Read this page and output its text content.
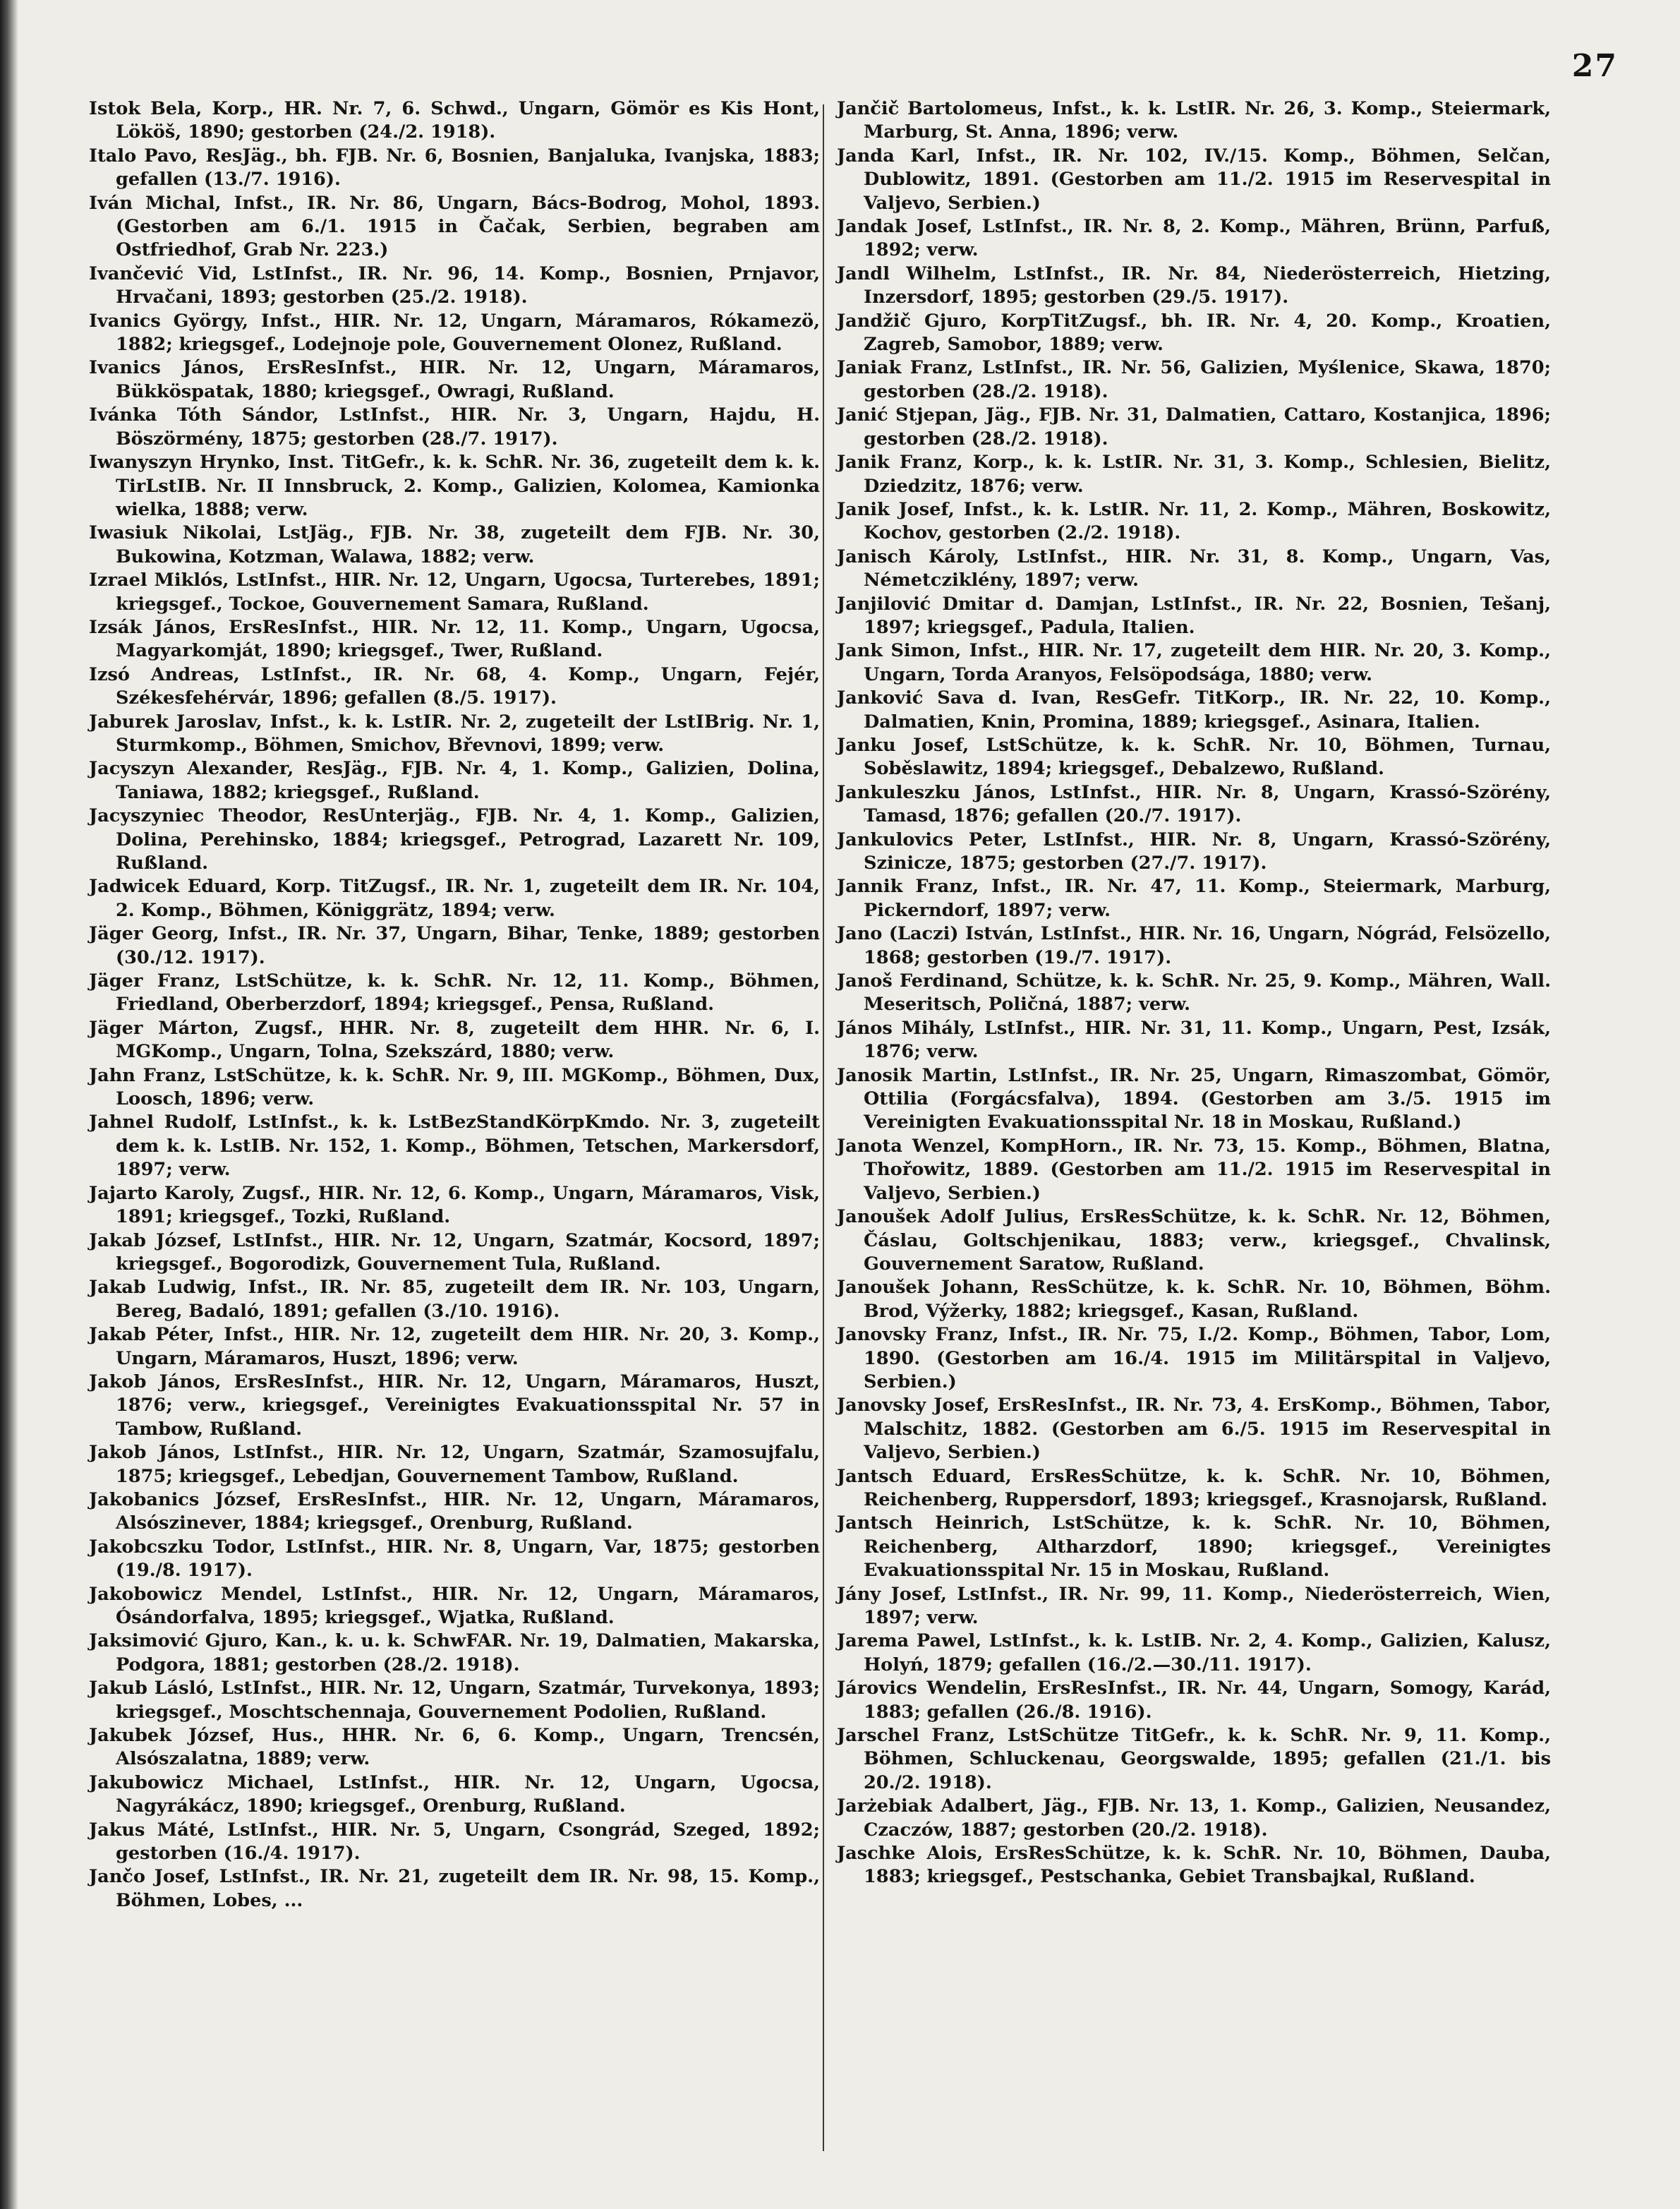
27

Istok Bela, Korp., HR. Nr. 7, 6. Schwd., Ungarn, Gömör es Kis Hont, Lököš, 1890; gestorben (24./2. 1918).

Italo Pavo, ResJäg., bh. FJB. Nr. 6, Bosnien, Banjaluka, Ivanjska, 1883; gefallen (13./7. 1916).

Iván Michal, Infst., IR. Nr. 86, Ungarn, Bács-Bodrog, Mohol, 1893. (Gestorben am 6./1. 1915 in Čačak, Serbien, begraben am Ostfriedhof, Grab Nr. 223.)

Ivančević Vid, LstInfst., IR. Nr. 96, 14. Komp., Bosnien, Prnjavor, Hrvačani, 1893; gestorben (25./2. 1918).

Ivanics György, Infst., HIR. Nr. 12, Ungarn, Máramaros, Rókamezö, 1882; kriegsgef., Lodejnoje pole, Gouvernement Olonez, Rußland.

Ivanics János, ErsResInfst., HIR. Nr. 12, Ungarn, Máramaros, Bükköspatak, 1880; kriegsgef., Owragi, Rußland.

Ivánka Tóth Sándor, LstInfst., HIR. Nr. 3, Ungarn, Hajdu, H. Böszörmény, 1875; gestorben (28./7. 1917).

Iwanyszyn Hrynko, Inst. TitGefr., k. k. SchR. Nr. 36, zugeteilt dem k. k. TirLstIB. Nr. II Innsbruck, 2. Komp., Galizien, Kolomea, Kamionka wielka, 1888; verw.

Iwasiuk Nikolai, LstJäg., FJB. Nr. 38, zugeteilt dem FJB. Nr. 30, Bukowina, Kotzman, Walawa, 1882; verw.

Izrael Miklós, LstInfst., HIR. Nr. 12, Ungarn, Ugocsa, Turterebes, 1891; kriegsgef., Tockoe, Gouvernement Samara, Rußland.

Izsák János, ErsResInfst., HIR. Nr. 12, 11. Komp., Ungarn, Ugocsa, Magyarkomját, 1890; kriegsgef., Twer, Rußland.

Izsó Andreas, LstInfst., IR. Nr. 68, 4. Komp., Ungarn, Fejér, Székesfehérvár, 1896; gefallen (8./5. 1917).

Jaburek Jaroslav, Infst., k. k. LstIR. Nr. 2, zugeteilt der LstIBrig. Nr. 1, Sturmkomp., Böhmen, Smichov, Břevnovi, 1899; verw.

Jacyszyn Alexander, ResJäg., FJB. Nr. 4, 1. Komp., Galizien, Dolina, Taniawa, 1882; kriegsgef., Rußland.

Jacyszyniec Theodor, ResUnterjäg., FJB. Nr. 4, 1. Komp., Galizien, Dolina, Perehinsko, 1884; kriegsgef., Petrograd, Lazarett Nr. 109, Rußland.

Jadwicek Eduard, Korp. TitZugsf., IR. Nr. 1, zugeteilt dem IR. Nr. 104, 2. Komp., Böhmen, Königgrätz, 1894; verw.

Jäger Georg, Infst., IR. Nr. 37, Ungarn, Bihar, Tenke, 1889; gestorben (30./12. 1917).

Jäger Franz, LstSchütze, k. k. SchR. Nr. 12, 11. Komp., Böhmen, Friedland, Oberberzdorf, 1894; kriegsgef., Pensa, Rußland.

Jäger Márton, Zugsf., HHR. Nr. 8, zugeteilt dem HHR. Nr. 6, I. MGKomp., Ungarn, Tolna, Szekszárd, 1880; verw.

Jahn Franz, LstSchütze, k. k. SchR. Nr. 9, III. MGKomp., Böhmen, Dux, Loosch, 1896; verw.

Jahnel Rudolf, LstInfst., k. k. LstBezStandKörpKmdo. Nr. 3, zugeteilt dem k. k. LstIB. Nr. 152, 1. Komp., Böhmen, Tetschen, Markersdorf, 1897; verw.

Jajarto Karoly, Zugsf., HIR. Nr. 12, 6. Komp., Ungarn, Máramaros, Visk, 1891; kriegsgef., Tozki, Rußland.

Jakab József, LstInfst., HIR. Nr. 12, Ungarn, Szatmár, Kocsord, 1897; kriegsgef., Bogorodizk, Gouvernement Tula, Rußland.

Jakab Ludwig, Infst., IR. Nr. 85, zugeteilt dem IR. Nr. 103, Ungarn, Bereg, Badaló, 1891; gefallen (3./10. 1916).

Jakab Péter, Infst., HIR. Nr. 12, zugeteilt dem HIR. Nr. 20, 3. Komp., Ungarn, Máramaros, Huszt, 1896; verw.

Jakob János, ErsResInfst., HIR. Nr. 12, Ungarn, Máramaros, Huszt, 1876; verw., kriegsgef., Vereinigtes Evakuationsspital Nr. 57 in Tambow, Rußland.

Jakob János, LstInfst., HIR. Nr. 12, Ungarn, Szatmár, Szamosujfalu, 1875; kriegsgef., Lebedjan, Gouvernement Tambow, Rußland.

Jakobanics József, ErsResInfst., HIR. Nr. 12, Ungarn, Máramaros, Alsószinever, 1884; kriegsgef., Orenburg, Rußland.

Jakobcszku Todor, LstInfst., HIR. Nr. 8, Ungarn, Var, 1875; gestorben (19./8. 1917).

Jakobowicz Mendel, LstInfst., HIR. Nr. 12, Ungarn, Máramaros, Ósándorfalva, 1895; kriegsgef., Wjatka, Rußland.

Jaksimović Gjuro, Kan., k. u. k. SchwFAR. Nr. 19, Dalmatien, Makarska, Podgora, 1881; gestorben (28./2. 1918).

Jakub Lásló, LstInfst., HIR. Nr. 12, Ungarn, Szatmár, Turvekonya, 1893; kriegsgef., Moschtschennaja, Gouvernement Podolien, Rußland.

Jakubek József, Hus., HHR. Nr. 6, 6. Komp., Ungarn, Trencsén, Alsószalatna, 1889; verw.

Jakubowicz Michael, LstInfst., HIR. Nr. 12, Ungarn, Ugocsa, Nagyrákácz, 1890; kriegsgef., Orenburg, Rußland.

Jakus Máté, LstInfst., HIR. Nr. 5, Ungarn, Csongrád, Szeged, 1892; gestorben (16./4. 1917).

Jančo Josef, LstInfst., IR. Nr. 21, zugeteilt dem IR. Nr. 98, 15. Komp., Böhmen, Lobes, ...

Jančič Bartolomeus, Infst., k. k. LstIR. Nr. 26, 3. Komp., Steiermark, Marburg, St. Anna, 1896; verw.

Janda Karl, Infst., IR. Nr. 102, IV./15. Komp., Böhmen, Selčan, Dublowitz, 1891. (Gestorben am 11./2. 1915 im Reservespital in Valjevo, Serbien.)

Jandak Josef, LstInfst., IR. Nr. 8, 2. Komp., Mähren, Brünn, Parfuß, 1892; verw.

Jandl Wilhelm, LstInfst., IR. Nr. 84, Niederösterreich, Hietzing, Inzersdorf, 1895; gestorben (29./5. 1917).

Jandžič Gjuro, KorpTitZugsf., bh. IR. Nr. 4, 20. Komp., Kroatien, Zagreb, Samobor, 1889; verw.

Janiak Franz, LstInfst., IR. Nr. 56, Galizien, Myślenice, Skawa, 1870; gestorben (28./2. 1918).

Janić Stjepan, Jäg., FJB. Nr. 31, Dalmatien, Cattaro, Kostanjica, 1896; gestorben (28./2. 1918).

Janik Franz, Korp., k. k. LstIR. Nr. 31, 3. Komp., Schlesien, Bielitz, Dziedzitz, 1876; verw.

Janik Josef, Infst., k. k. LstIR. Nr. 11, 2. Komp., Mähren, Boskowitz, Kochov, gestorben (2./2. 1918).

Janisch Károly, LstInfst., HIR. Nr. 31, 8. Komp., Ungarn, Vas, Németcziklény, 1897; verw.

Janjilović Dmitar d. Damjan, LstInfst., IR. Nr. 22, Bosnien, Tešanj, 1897; kriegsgef., Padula, Italien.

Jank Simon, Infst., HIR. Nr. 17, zugeteilt dem HIR. Nr. 20, 3. Komp., Ungarn, Torda Aranyos, Felsöpodsága, 1880; verw.

Janković Sava d. Ivan, ResGefr. TitKorp., IR. Nr. 22, 10. Komp., Dalmatien, Knin, Promina, 1889; kriegsgef., Asinara, Italien.

Janku Josef, LstSchütze, k. k. SchR. Nr. 10, Böhmen, Turnau, Soběslawitz, 1894; kriegsgef., Debalzewo, Rußland.

Jankuleszku János, LstInfst., HIR. Nr. 8, Ungarn, Krassó-Szörény, Tamasd, 1876; gefallen (20./7. 1917).

Jankulovics Peter, LstInfst., HIR. Nr. 8, Ungarn, Krassó-Szörény, Szinicze, 1875; gestorben (27./7. 1917).

Jannik Franz, Infst., IR. Nr. 47, 11. Komp., Steiermark, Marburg, Pickerndorf, 1897; verw.

Jano (Laczi) István, LstInfst., HIR. Nr. 16, Ungarn, Nógrád, Felsözello, 1868; gestorben (19./7. 1917).

Janoš Ferdinand, Schütze, k. k. SchR. Nr. 25, 9. Komp., Mähren, Wall. Meseritsch, Poličná, 1887; verw.

János Mihály, LstInfst., HIR. Nr. 31, 11. Komp., Ungarn, Pest, Izsák, 1876; verw.

Janosik Martin, LstInfst., IR. Nr. 25, Ungarn, Rimaszombat, Gömör, Ottilia (Forgácsfalva), 1894. (Gestorben am 3./5. 1915 im Vereinigten Evakuationsspital Nr. 18 in Moskau, Rußland.)

Janota Wenzel, KompHorn., IR. Nr. 73, 15. Komp., Böhmen, Blatna, Thořowitz, 1889. (Gestorben am 11./2. 1915 im Reservespital in Valjevo, Serbien.)

Janoušek Adolf Julius, ErsResSchütze, k. k. SchR. Nr. 12, Böhmen, Čáslau, Goltschjenikau, 1883; verw., kriegsgef., Chvalinsk, Gouvernement Saratow, Rußland.

Janoušek Johann, ResSchütze, k. k. SchR. Nr. 10, Böhmen, Böhm. Brod, Výžerky, 1882; kriegsgef., Kasan, Rußland.

Janovsky Franz, Infst., IR. Nr. 75, I./2. Komp., Böhmen, Tabor, Lom, 1890. (Gestorben am 16./4. 1915 im Militärspital in Valjevo, Serbien.)

Janovsky Josef, ErsResInfst., IR. Nr. 73, 4. ErsKomp., Böhmen, Tabor, Malschitz, 1882. (Gestorben am 6./5. 1915 im Reservespital in Valjevo, Serbien.)

Jantsch Eduard, ErsResSchütze, k. k. SchR. Nr. 10, Böhmen, Reichenberg, Ruppersdorf, 1893; kriegsgef., Krasnojarsk, Rußland.

Jantsch Heinrich, LstSchütze, k. k. SchR. Nr. 10, Böhmen, Reichenberg, Altharzdorf, 1890; kriegsgef., Vereinigtes Evakuationsspital Nr. 15 in Moskau, Rußland.

Jány Josef, LstInfst., IR. Nr. 99, 11. Komp., Niederösterreich, Wien, 1897; verw.

Jarema Pawel, LstInfst., k. k. LstIB. Nr. 2, 4. Komp., Galizien, Kalusz, Holyń, 1879; gefallen (16./2.—30./11. 1917).

Járovics Wendelin, ErsResInfst., IR. Nr. 44, Ungarn, Somogy, Karád, 1883; gefallen (26./8. 1916).

Jarschel Franz, LstSchütze TitGefr., k. k. SchR. Nr. 9, 11. Komp., Böhmen, Schluckenau, Georgswalde, 1895; gefallen (21./1. bis 20./2. 1918).

Jarżebiak Adalbert, Jäg., FJB. Nr. 13, 1. Komp., Galizien, Neusandez, Czaczów, 1887; gestorben (20./2. 1918).

Jaschke Alois, ErsResSchütze, k. k. SchR. Nr. 10, Böhmen, Dauba, 1883; kriegsgef., Pestschanka, Gebiet Transbajkal, Rußland.
